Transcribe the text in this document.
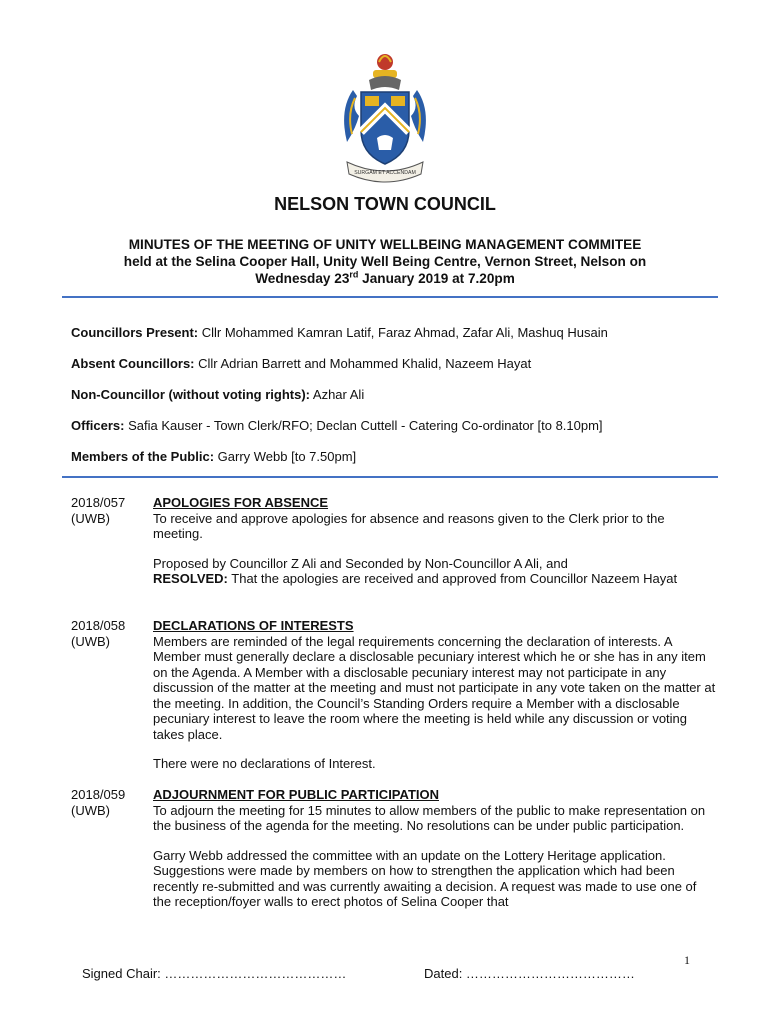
SURGAM ET ACCENDAM
NELSON TOWN COUNCIL
MINUTES OF THE MEETING OF UNITY WELLBEING MANAGEMENT COMMITEE
held at the Selina Cooper Hall, Unity Well Being Centre, Vernon Street, Nelson on
Wednesday 23rd January 2019 at 7.20pm
Councillors Present: Cllr Mohammed Kamran Latif, Faraz Ahmad, Zafar Ali, Mashuq Husain
Absent Councillors: Cllr Adrian Barrett and Mohammed Khalid, Nazeem Hayat
Non-Councillor (without voting rights): Azhar Ali
Officers: Safia Kauser - Town Clerk/RFO; Declan Cuttell - Catering Co-ordinator [to 8.10pm]
Members of the Public: Garry Webb [to 7.50pm]
2018/057
(UWB)
APOLOGIES FOR ABSENCE

To receive and approve apologies for absence and reasons given to the Clerk prior to the meeting.

Proposed by Councillor Z Ali and Seconded by Non-Councillor A Ali, and
RESOLVED: That the apologies are received and approved from Councillor Nazeem Hayat

2018/058
(UWB)
DECLARATIONS OF INTERESTS

Members are reminded of the legal requirements concerning the declaration of interests. A Member must generally declare a disclosable pecuniary interest which he or she has in any item on the Agenda. A Member with a disclosable pecuniary interest may not participate in any discussion of the matter at the meeting and must not participate in any vote taken on the matter at the meeting. In addition, the Council’s Standing Orders require a Member with a disclosable pecuniary interest to leave the room where the meeting is held while any discussion or voting takes place.

There were no declarations of Interest.

2018/059
(UWB)
ADJOURNMENT FOR PUBLIC PARTICIPATION

To adjourn the meeting for 15 minutes to allow members of the public to make representation on the business of the agenda for the meeting. No resolutions can be under public participation.

Garry Webb addressed the committee with an update on the Lottery Heritage application. Suggestions were made by members on how to strengthen the application which had been recently re-submitted and was currently awaiting a decision. A request was made to use one of the reception/foyer walls to erect photos of Selina Cooper that

1
Signed Chair: ……………………………………	Dated: …………………………………
